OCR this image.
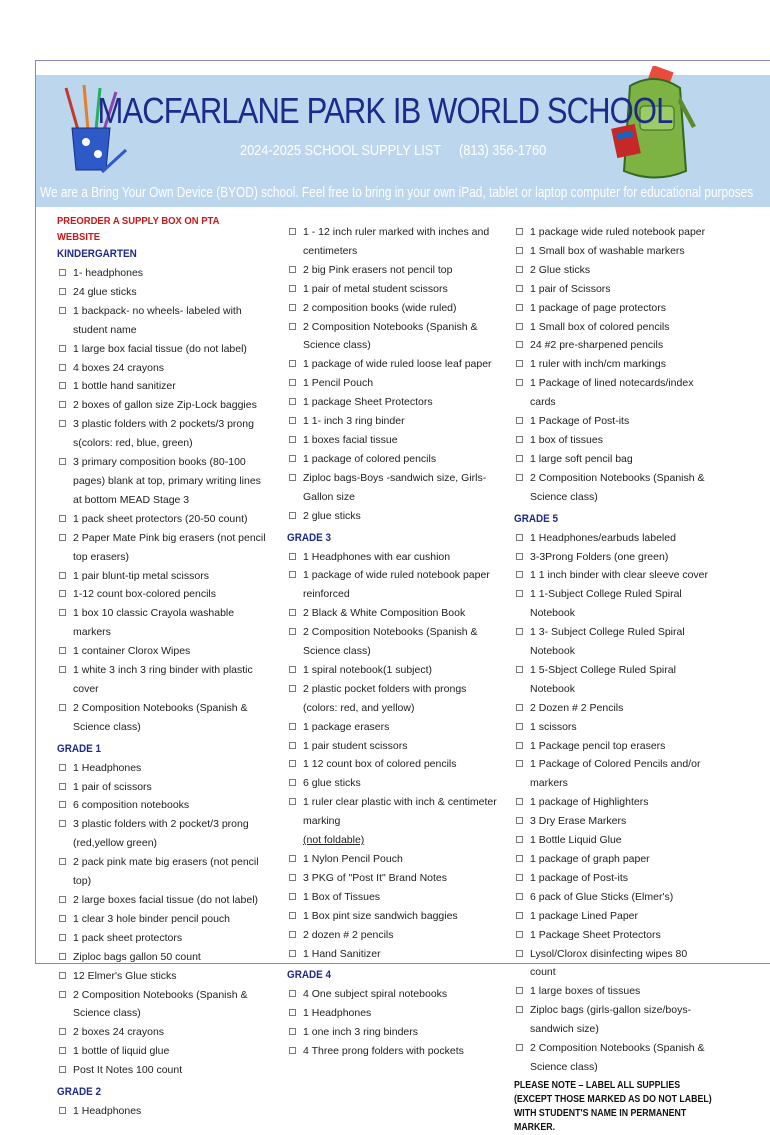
MACFARLANE PARK IB WORLD SCHOOL
2024-2025 SCHOOL SUPPLY LIST (813) 356-1760
We are a Bring Your Own Device (BYOD) school. Feel free to bring in your own iPad, tablet or laptop computer for educational purposes
PREORDER A SUPPLY BOX ON PTA WEBSITE
KINDERGARTEN
1- headphones
24 glue sticks
1 backpack- no wheels- labeled with student name
1 large box facial tissue (do not label)
4 boxes 24 crayons
1 bottle hand sanitizer
2 boxes of gallon size Zip-Lock baggies
3 plastic folders with 2 pockets/3 prong s(colors: red, blue, green)
3 primary composition books (80-100 pages) blank at top, primary writing lines at bottom MEAD Stage 3
1 pack sheet protectors (20-50 count)
2 Paper Mate Pink big erasers (not pencil top erasers)
1 pair blunt-tip metal scissors
1-12 count box-colored pencils
1 box 10 classic Crayola washable markers
1 container Clorox Wipes
1 white 3 inch 3 ring binder with plastic cover
2 Composition Notebooks (Spanish & Science class)
GRADE 1
1 Headphones
1 pair of scissors
6 composition notebooks
3 plastic folders with 2 pocket/3 prong (red,yellow green)
2 pack pink mate big erasers (not pencil top)
2 large boxes facial tissue (do not label)
1 clear 3 hole binder pencil pouch
1 pack sheet protectors
Ziploc bags gallon 50 count
12 Elmer's Glue sticks
2 Composition Notebooks (Spanish & Science class)
2 boxes 24 crayons
1 bottle of liquid glue
Post It Notes 100 count
GRADE 2
1 Headphones
1 - 12 inch ruler marked with inches and centimeters
2 big Pink erasers not pencil top
1 pair of metal student scissors
2 composition books (wide ruled)
2 Composition Notebooks (Spanish & Science class)
1 package of wide ruled loose leaf paper
1 Pencil Pouch
1 package Sheet Protectors
1 1- inch 3 ring binder
1 boxes facial tissue
1 package of colored pencils
Ziploc bags-Boys -sandwich size, Girls-Gallon size
2 glue sticks
GRADE 3
1 Headphones with ear cushion
1 package of wide ruled notebook paper reinforced
2 Black & White Composition Book
2 Composition Notebooks (Spanish & Science class)
1 spiral notebook(1 subject)
2 plastic pocket folders with prongs (colors: red, and yellow)
1 package erasers
1 pair student scissors
1 12 count box of colored pencils
6 glue sticks
1 ruler clear plastic with inch & centimeter marking (not foldable)
1 Nylon Pencil Pouch
3 PKG of "Post It" Brand Notes
1 Box of Tissues
1 Box pint size sandwich baggies
2 dozen # 2 pencils
1 Hand Sanitizer
GRADE 4
4 One subject spiral notebooks
1 Headphones
1 one inch 3 ring binders
4 Three prong folders with pockets
1 package wide ruled notebook paper
1 Small box of washable markers
2 Glue sticks
1 pair of Scissors
1 package of page protectors
1 Small box of colored pencils
24 #2 pre-sharpened pencils
1 ruler with inch/cm markings
1 Package of lined notecards/index cards
1 Package of Post-its
1 box of tissues
1 large soft pencil bag
2 Composition Notebooks (Spanish & Science class)
GRADE 5
1 Headphones/earbuds labeled
3-3Prong Folders (one green)
1 1 inch binder with clear sleeve cover
1 1-Subject College Ruled Spiral Notebook
1 3- Subject College Ruled Spiral Notebook
1 5-Sbject College Ruled Spiral Notebook
2 Dozen # 2 Pencils
1 scissors
1 Package pencil top erasers
1 Package of Colored Pencils and/or markers
1 package of Highlighters
3 Dry Erase Markers
1 Bottle Liquid Glue
1 package of graph paper
1 package of Post-its
6 pack of Glue Sticks (Elmer's)
1 package Lined Paper
1 Package Sheet Protectors
Lysol/Clorox disinfecting wipes 80 count
1 large boxes of tissues
Ziploc bags (girls-gallon size/boys-sandwich size)
2 Composition Notebooks (Spanish & Science class)
PLEASE NOTE – LABEL ALL SUPPLIES (EXCEPT THOSE MARKED AS DO NOT LABEL) WITH STUDENT'S NAME IN PERMANENT MARKER.
